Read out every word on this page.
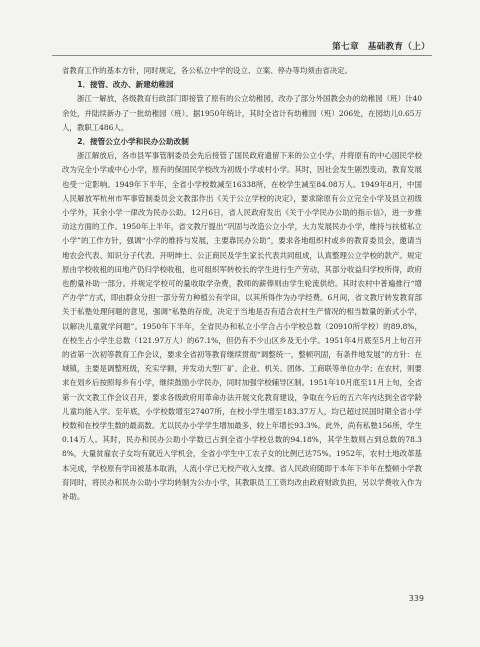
第七章　基础教育（上）

省教育工作的基本方针，同时规定，各公私立中学的设立、立案、停办等均须由省决定。

1．接管、改办、新建幼稚园

浙江一解放，各级教育行政部门即接管了原有的公立幼稚园，改办了部分外国教会办的幼稚园（班）计40余处，并陆续新办了一批幼稚园（班）。据1950年统计，其时全省计有幼稚园（班）206处，在园幼儿0.65万人，教职工486人。

2．接管公立小学和民办公助改制

浙江解放后，各市县军事管制委员会先后接管了国民政府遗留下来的公立小学，并将原有的中心国民学校改为完全小学或中心小学，原有的保国民学校改为初级小学或村小学。其时，因社会发生剧烈变动，教育发展也受一定影响。1949年下半年，全省小学校数减至16338所，在校学生减至84.08万人。1949年8月，中国人民解放军杭州市军事管制委员会文教部作出《关于公立学校的决定》，要求除原有公立完全小学及县立初级小学外，其余小学一律改为民办公助。12月6日，省人民政府发出《关于小学民办公助的指示信》，进一步推动这方面的工作。1950年上半年，省文教厅提出“巩固与改造公立小学，大力发展民办小学，维持与扶植私立小学”的工作方针，强调“小学的维持与发展，主要靠民办公助”，要求各地组织村或乡的教育委员会，邀请当地农会代表、知识分子代表、开明绅士、公正商民及学生家长代表共同组成，认真整理公立学校的款产。规定原由学校收租的田地产仍归学校收租，也可组织军转校长的学生进行生产劳动，其部分收益归学校所得，政府也酌量补助一部分。并规定学校可的量收取学杂费，教师的薪俸则由学生轮流供给。其时农村中普遍推行“增产办学”方式，即由群众分担一部分劳力种植公有学田，以其所得作为办学经费。6月间，省文教厅转发教育部关于私塾处理问题的意见，强调“私塾的存废，决定于当地是否有适合农村生产情况的相当数量的新式小学，以解决儿童就学问题”。1950年下半年，全省民办和私立小学合占小学校总数（20910所学校）的89.8%，在校生占小学生总数（121.97万人）的67.1%，但仍有不少山区乡及无小学。1951年4月底至5月上旬召开的省第一次初等教育工作会议，要求全省初等教育继续贯彻“调整统一，整顿巩固，有条件地发展”的方针：在城镇，主要是调整班级，充实学额，并发动大型厂矿、企业、机关、团体、工商联等单位办学；在农村，则要求在划乡后按照每乡有小学，继续鼓励小学民办，同时加强学校辅导区制。1951年10月底至11月上旬，全省第一次文教工作会议召开，要求各级政府用革命办法开展文化教育建设，争取在今后的五六年内达到全省学龄儿童均能入学。至年底，小学校数增至27407所，在校小学生增至183.37万人，均已超过民国时期全省小学校数和在校学生数的最高数。尤以民办小学学生增加最多，较上年增长93.3%。此外，尚有私塾156所，学生0.14万人。其时，民办和民办公助小学数已占到全省小学校总数的94.18%，其学生数则占到总数的78.38%，大量贫雇农子女均有就近入学机会，全省小学生中工农子女的比例已达75%。1952年，农村土地改革基本完成，学校原有学田被基本取消，人流小学已无校产收入支撑。省人民政府随即于本年下半年在整顿小学教育同时，将民办和民办公助小学均转制为公办小学，其教职员工工资均改由政府财政负担，另以学费收入作为补助。

339
